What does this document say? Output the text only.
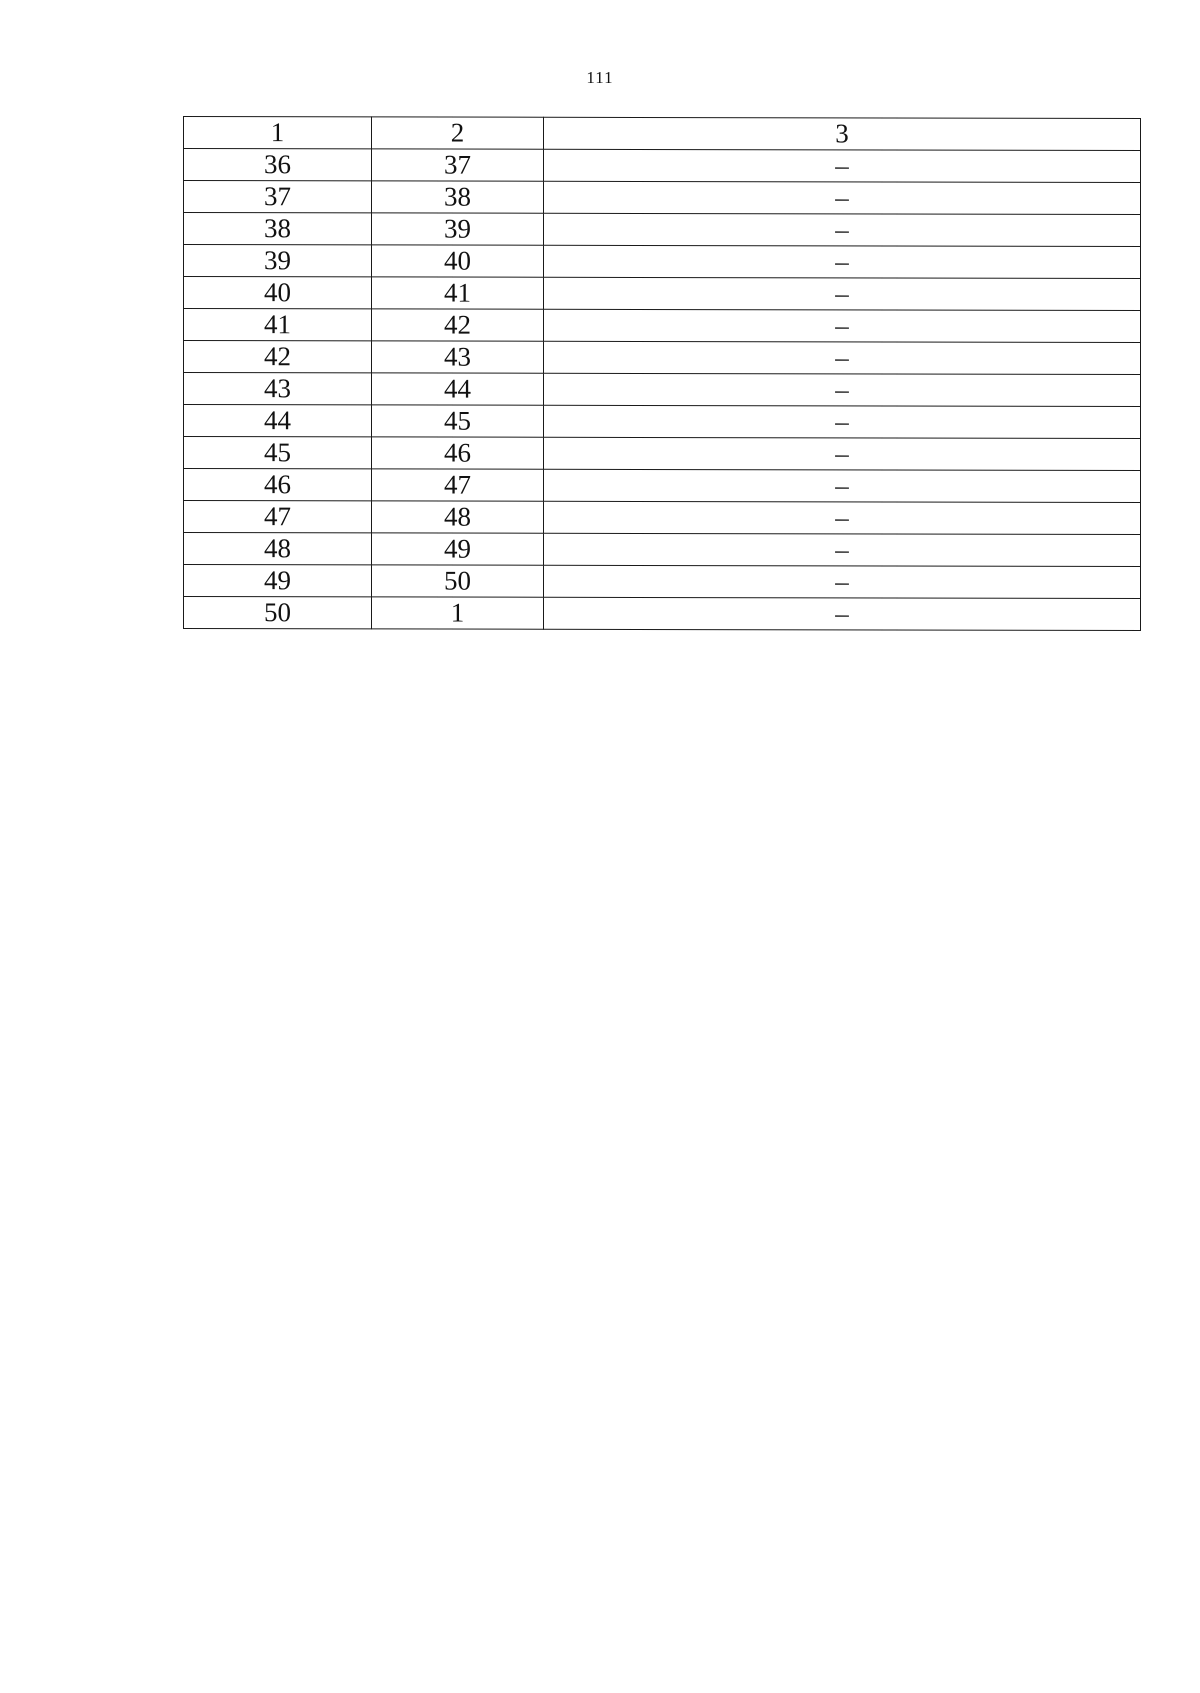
111
1	2	3
36	37	–
37	38	–
38	39	–
39	40	–
40	41	–
41	42	–
42	43	–
43	44	–
44	45	–
45	46	–
46	47	–
47	48	–
48	49	–
49	50	–
50	1	–
